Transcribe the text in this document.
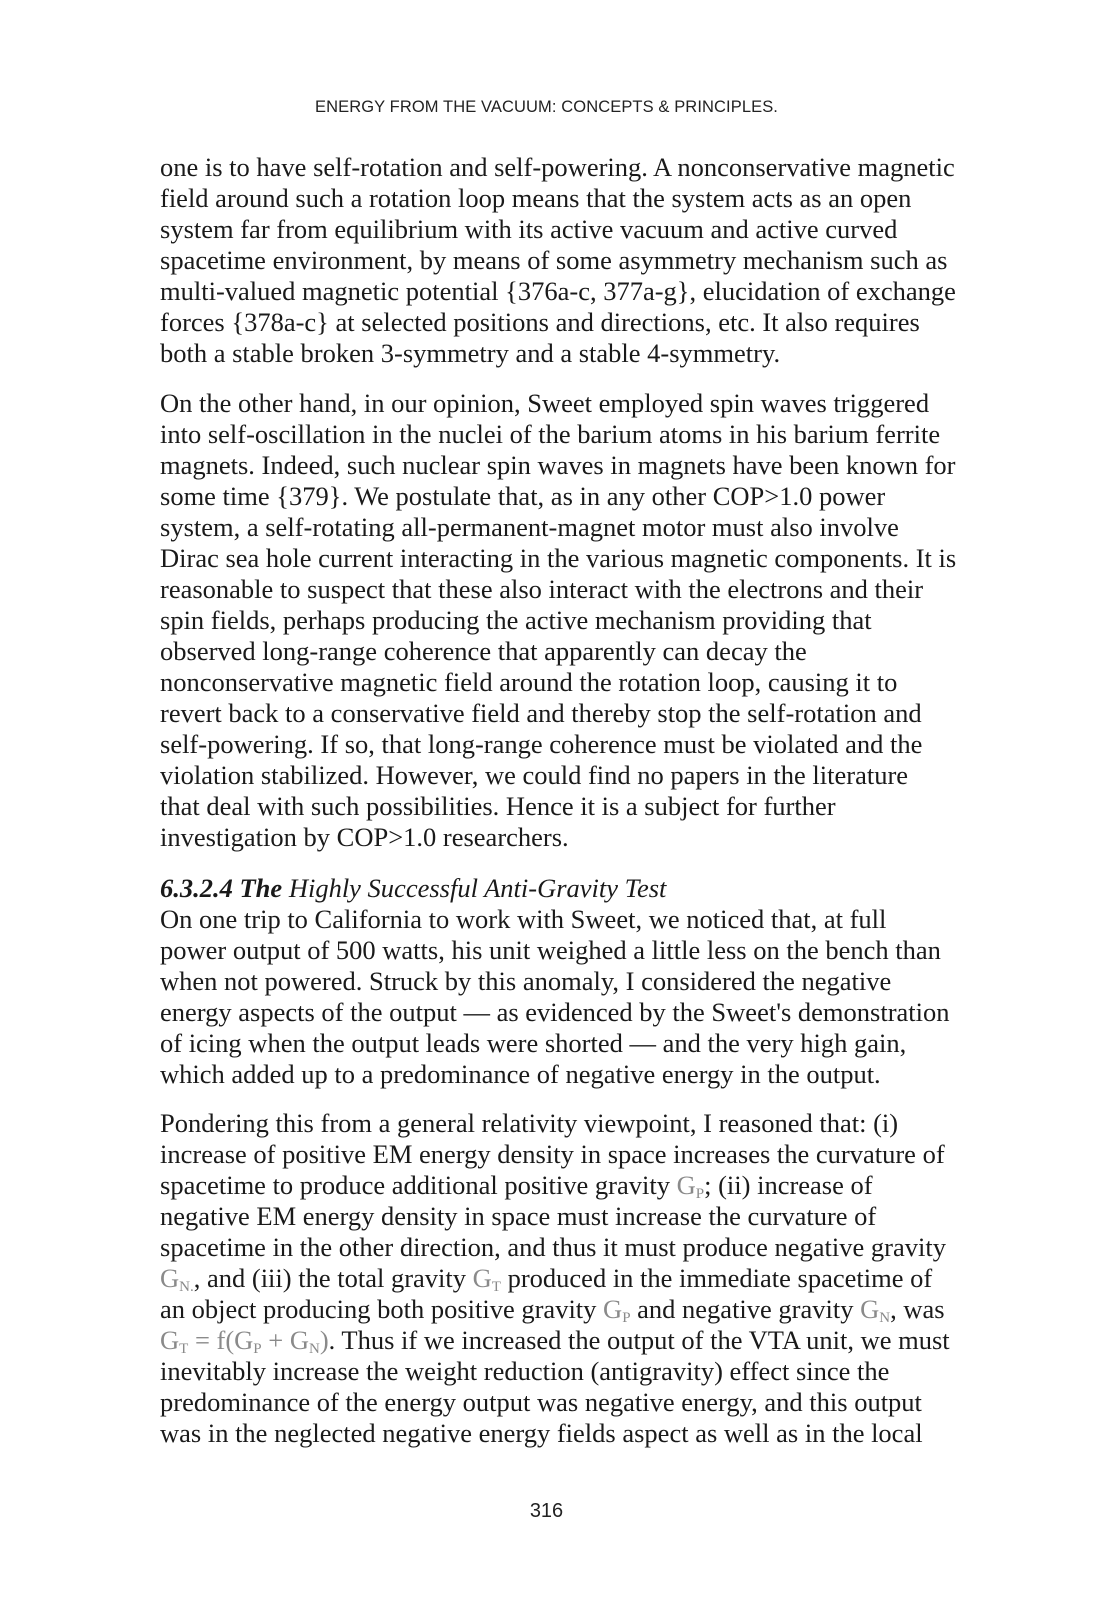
ENERGY FROM THE VACUUM: CONCEPTS & PRINCIPLES.
one is to have self-rotation and self-powering. A nonconservative magnetic
field around such a rotation loop means that the system acts as an open
system far from equilibrium with its active vacuum and active curved
spacetime environment, by means of some asymmetry mechanism such as
multi-valued magnetic potential {376a-c, 377a-g}, elucidation of exchange
forces {378a-c} at selected positions and directions, etc. It also requires
both a stable broken 3-symmetry and a stable 4-symmetry.
On the other hand, in our opinion, Sweet employed spin waves triggered
into self-oscillation in the nuclei of the barium atoms in his barium ferrite
magnets. Indeed, such nuclear spin waves in magnets have been known for
some time {379}. We postulate that, as in any other COP>1.0 power
system, a self-rotating all-permanent-magnet motor must also involve
Dirac sea hole current interacting in the various magnetic components. It is
reasonable to suspect that these also interact with the electrons and their
spin fields, perhaps producing the active mechanism providing that
observed long-range coherence that apparently can decay the
nonconservative magnetic field around the rotation loop, causing it to
revert back to a conservative field and thereby stop the self-rotation and
self-powering. If so, that long-range coherence must be violated and the
violation stabilized. However, we could find no papers in the literature
that deal with such possibilities. Hence it is a subject for further
investigation by COP>1.0 researchers.
6.3.2.4 The Highly Successful Anti-Gravity Test
On one trip to California to work with Sweet, we noticed that, at full
power output of 500 watts, his unit weighed a little less on the bench than
when not powered. Struck by this anomaly, I considered the negative
energy aspects of the output — as evidenced by the Sweet's demonstration
of icing when the output leads were shorted — and the very high gain,
which added up to a predominance of negative energy in the output.
Pondering this from a general relativity viewpoint, I reasoned that: (i)
increase of positive EM energy density in space increases the curvature of
spacetime to produce additional positive gravity $G_P$; (ii) increase of
negative EM energy density in space must increase the curvature of
spacetime in the other direction, and thus it must produce negative gravity
$G_{N.}$, and (iii) the total gravity $G_T$ produced in the immediate spacetime of
an object producing both positive gravity $G_P$ and negative gravity $G_N$, was
$G_T = f(G_P + G_N)$. Thus if we increased the output of the VTA unit, we must
inevitably increase the weight reduction (antigravity) effect since the
predominance of the energy output was negative energy, and this output
was in the neglected negative energy fields aspect as well as in the local
316
